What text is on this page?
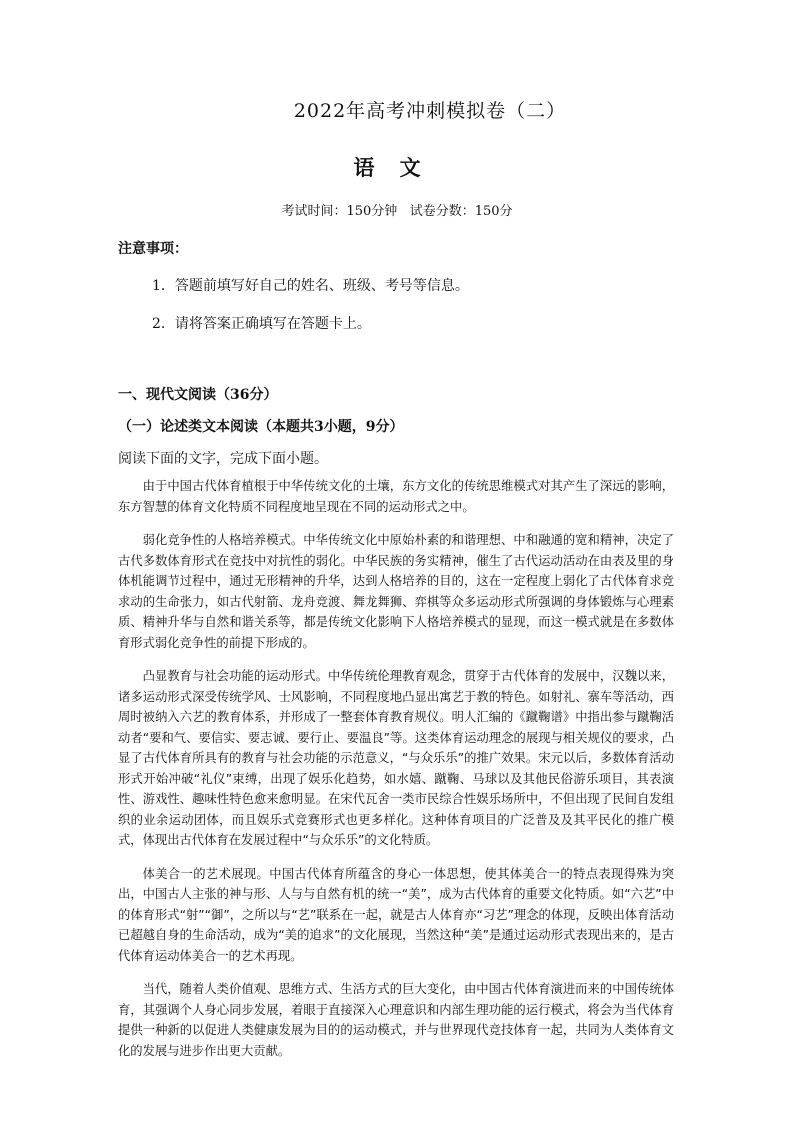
2022年高考冲刺模拟卷（二）
语　文
考试时间：150分钟 试卷分数：150分
注意事项：
1．答题前填写好自己的姓名、班级、考号等信息。
2．请将答案正确填写在答题卡上。
一、现代文阅读（36分）
（一）论述类文本阅读（本题共3小题，9分）
阅读下面的文字，完成下面小题。

由于中国古代体育植根于中华传统文化的土壤，东方文化的传统思维模式对其产生了深远的影响，东方智慧的体育文化特质不同程度地呈现在不同的运动形式之中。

弱化竞争性的人格培养模式。中华传统文化中原始朴素的和谐理想、中和融通的宽和精神，决定了古代多数体育形式在竞技中对抗性的弱化。中华民族的务实精神，催生了古代运动活动在由表及里的身体机能调节过程中，通过无形精神的升华，达到人格培养的目的，这在一定程度上弱化了古代体育求竞求动的生命张力，如古代射箭、龙舟竞渡、舞龙舞狮、弈棋等众多运动形式所强调的身体锻炼与心理素质、精神升华与自然和谐关系等，都是传统文化影响下人格培养模式的显现，而这一模式就是在多数体育形式弱化竞争性的前提下形成的。

凸显教育与社会功能的运动形式。中华传统伦理教育观念，贯穿于古代体育的发展中，汉魏以来，诸多运动形式深受传统学风、士风影响，不同程度地凸显出寓艺于教的特色。如射礼、寨车等活动，西周时被纳入六艺的教育体系，并形成了一整套体育教育规仪。明人汇编的《蹴鞠谱》中指出参与蹴鞠活动者“要和气、要信实、要志诚、要行止、要温良”等。这类体育运动理念的展现与相关规仪的要求，凸显了古代体育所具有的教育与社会功能的示范意义，“与众乐乐”的推广效果。宋元以后，多数体育活动形式开始冲破“礼仪”束缚，出现了娱乐化趋势，如水嬉、蹴鞠、马球以及其他民俗游乐项目，其表演性、游戏性、趣味性特色愈来愈明显。在宋代瓦舍一类市民综合性娱乐场所中，不但出现了民间自发组织的业余运动团体，而且娱乐式竞赛形式也更多样化。这种体育项目的广泛普及及其平民化的推广模式，体现出古代体育在发展过程中“与众乐乐”的文化特质。

体美合一的艺术展现。中国古代体育所蕴含的身心一体思想，使其体美合一的特点表现得殊为突出，中国古人主张的神与形、人与与自然有机的统一“美”，成为古代体育的重要文化特质。如“六艺”中的体育形式“射”“御”，之所以与“艺”联系在一起，就是古人体育亦“习艺”理念的体现，反映出体育活动已超越自身的生命活动，成为“美的追求”的文化展现，当然这种“美”是通过运动形式表现出来的，是古代体育运动体美合一的艺术再现。

当代，随着人类价值观、思维方式、生活方式的巨大变化，由中国古代体育演进而来的中国传统体育，其强调个人身心同步发展，着眼于直接深入心理意识和内部生理功能的运行模式，将会为当代体育提供一种新的以促进人类健康发展为目的的运动模式，并与世界现代竞技体育一起，共同为人类体育文化的发展与进步作出更大贡献。
